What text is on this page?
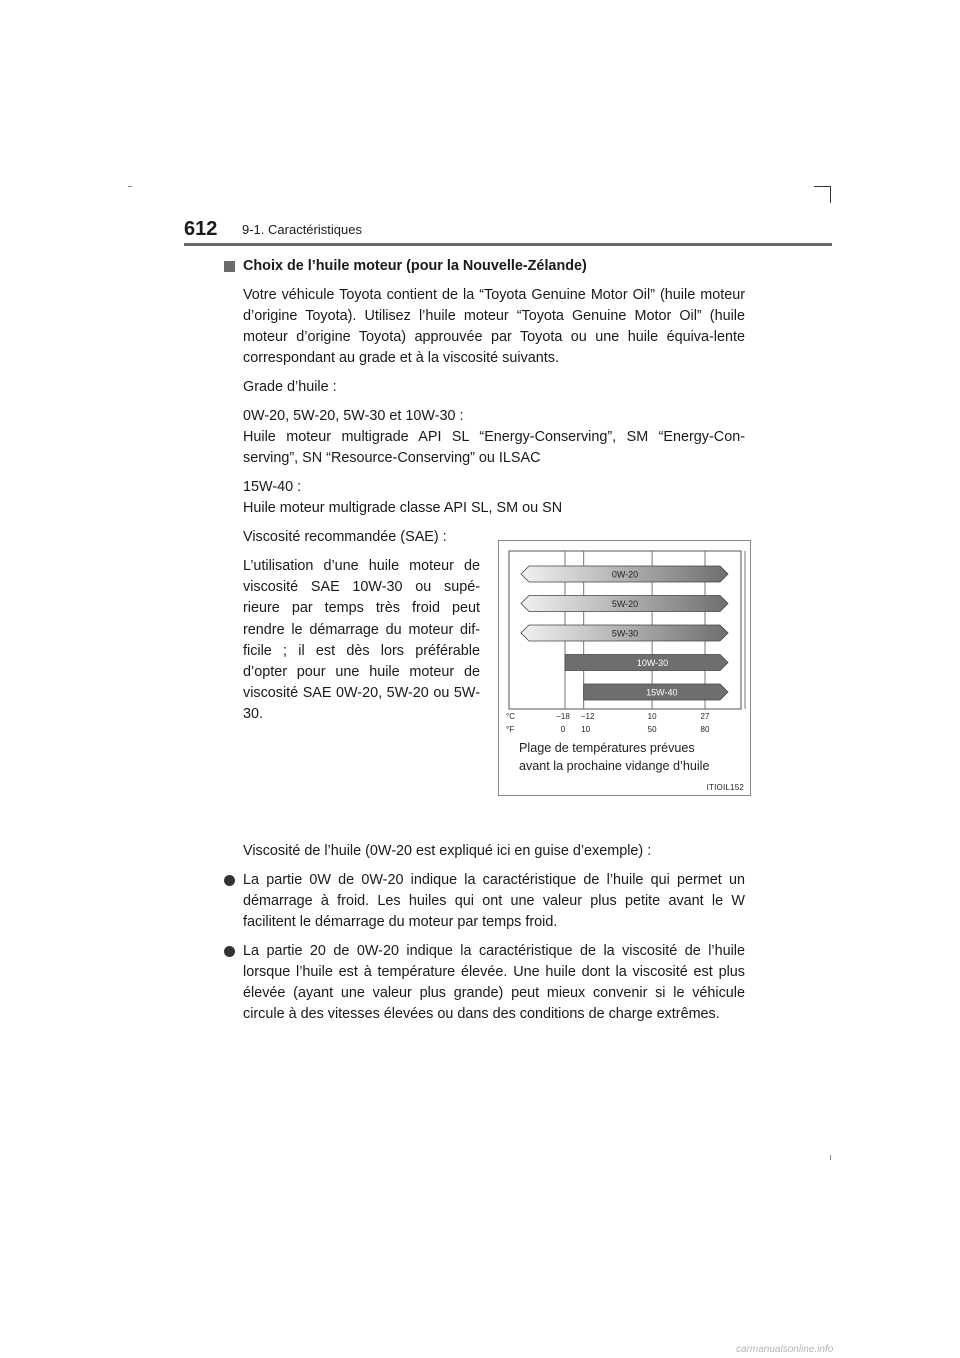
612 9-1. Caractéristiques
Choix de l’huile moteur (pour la Nouvelle-Zélande)

Votre véhicule Toyota contient de la “Toyota Genuine Motor Oil” (huile moteur d’origine Toyota). Utilisez l’huile moteur “Toyota Genuine Motor Oil” (huile moteur d’origine Toyota) approuvée par Toyota ou une huile équiva-lente correspondant au grade et à la viscosité suivants.

Grade d’huile :

0W-20, 5W-20, 5W-30 et 10W-30 :

Huile moteur multigrade API SL “Energy-Conserving”, SM “Energy-Con-serving”, SN “Resource-Conserving” ou ILSAC

15W-40 :

Huile moteur multigrade classe API SL, SM ou SN

Viscosité recommandée (SAE) :

L’utilisation d’une huile moteur de viscosité SAE 10W-30 ou supé-rieure par temps très froid peut rendre le démarrage du moteur dif-ficile ; il est dès lors préférable d’opter pour une huile moteur de viscosité SAE 0W-20, 5W-20 ou 5W-30.

Viscosité de l’huile (0W-20 est expliqué ici en guise d’exemple) :

La partie 0W de 0W-20 indique la caractéristique de l’huile qui permet un démarrage à froid. Les huiles qui ont une valeur plus petite avant le W facilitent le démarrage du moteur par temps froid.
La partie 20 de 0W-20 indique la caractéristique de la viscosité de l’huile lorsque l’huile est à température élevée. Une huile dont la viscosité est plus élevée (ayant une valeur plus grande) peut mieux convenir si le véhicule circule à des vitesses élevées ou dans des conditions de charge extrêmes.
0W-20
5W-20
5W-30
10W-30
15W-40
°C
°F
−18
0
−12
10
10
50
27
80
Plage de températures prévues
avant la prochaine vidange d’huile
ITIOIL152
carmanualsonline.info
